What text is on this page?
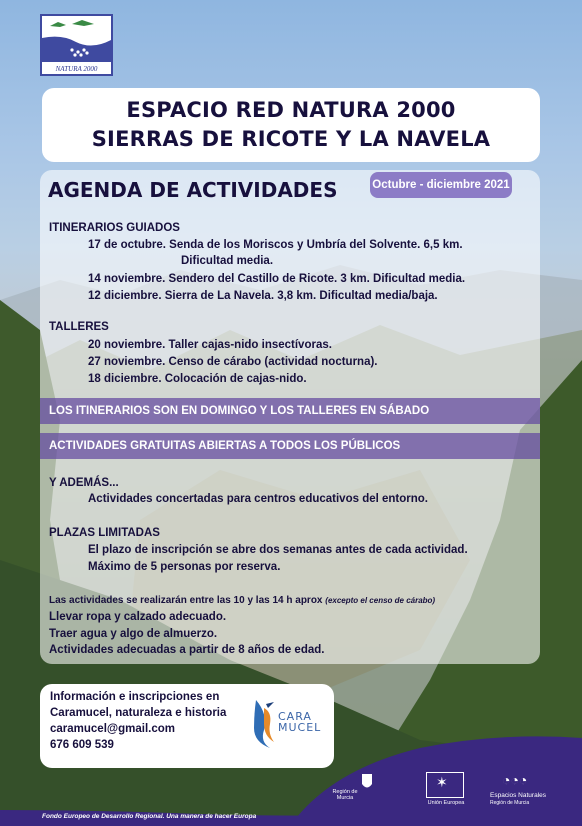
NATURA 2000
ESPACIO RED NATURA 2000
SIERRAS DE RICOTE Y LA NAVELA
AGENDA DE ACTIVIDADES	Octubre - diciembre 2021
ITINERARIOS GUIADOS
17 de octubre. Senda de los Moriscos y Umbría del Solvente. 6,5 km.
Dificultad media.
14 noviembre. Sendero del Castillo de Ricote. 3 km. Dificultad media.
12 diciembre. Sierra de La Navela. 3,8 km. Dificultad media/baja.
TALLERES
20 noviembre. Taller cajas-nido insectívoras.
27 noviembre. Censo de cárabo (actividad nocturna).
18 diciembre. Colocación de cajas-nido.
LOS ITINERARIOS SON EN DOMINGO Y LOS TALLERES EN SÁBADO
ACTIVIDADES GRATUITAS ABIERTAS A TODOS LOS PÚBLICOS
Y ADEMÁS...
Actividades concertadas para centros educativos del entorno.
PLAZAS LIMITADAS
El plazo de inscripción se abre dos semanas antes de cada actividad.
Máximo de 5 personas por reserva.
Las actividades se realizarán entre las 10 y las 14 h aprox (excepto el censo de cárabo)
Llevar ropa y calzado adecuado.
Traer agua y algo de almuerzo.
Actividades adecuadas a partir de 8 años de edad.
Información e inscripciones en
Caramucel, naturaleza e historia
caramucel@gmail.com
676 609 539
CARA
MUCEL
Región de Murcia
✶
Unión Europea
◔◔◔
Espacios Naturales
Región de Murcia
Fondo Europeo de Desarrollo Regional. Una manera de hacer Europa
